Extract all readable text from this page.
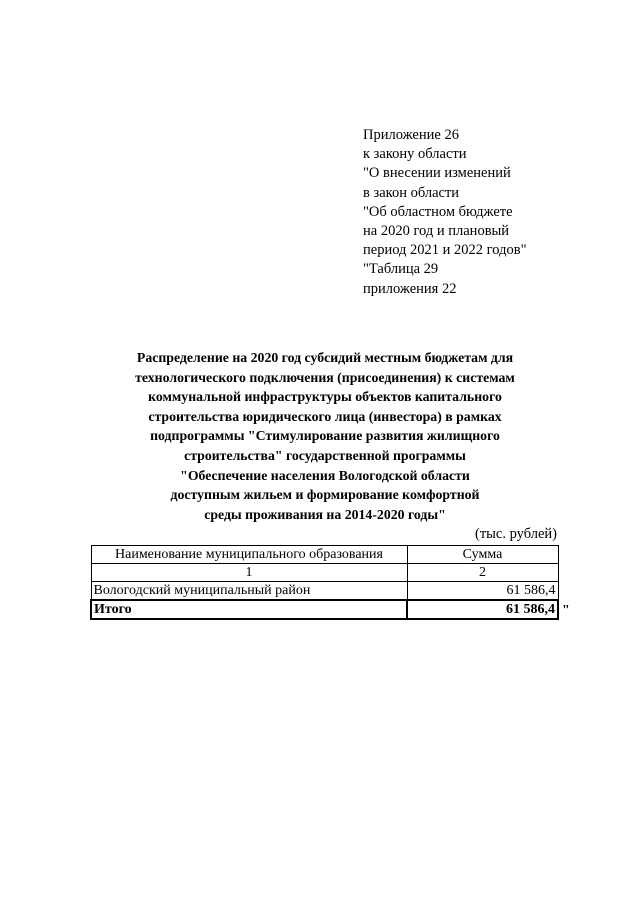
Приложение 26
к закону области
"О внесении изменений
в закон области
"Об областном бюджете
на 2020 год и плановый
период 2021 и 2022 годов"
"Таблица 29
приложения 22
Распределение на 2020 год субсидий местным бюджетам для
технологического подключения (присоединения) к системам
коммунальной инфраструктуры объектов капитального
строительства юридического лица (инвестора) в рамках
подпрограммы "Стимулирование развития жилищного
строительства" государственной программы
"Обеспечение населения Вологодской области
доступным жильем и формирование комфортной
среды проживания на 2014-2020 годы"
(тыс. рублей)
Наименование муниципального образования	Сумма
1	2
Вологодский муниципальный район	61 586,4
Итого	61 586,4 "
